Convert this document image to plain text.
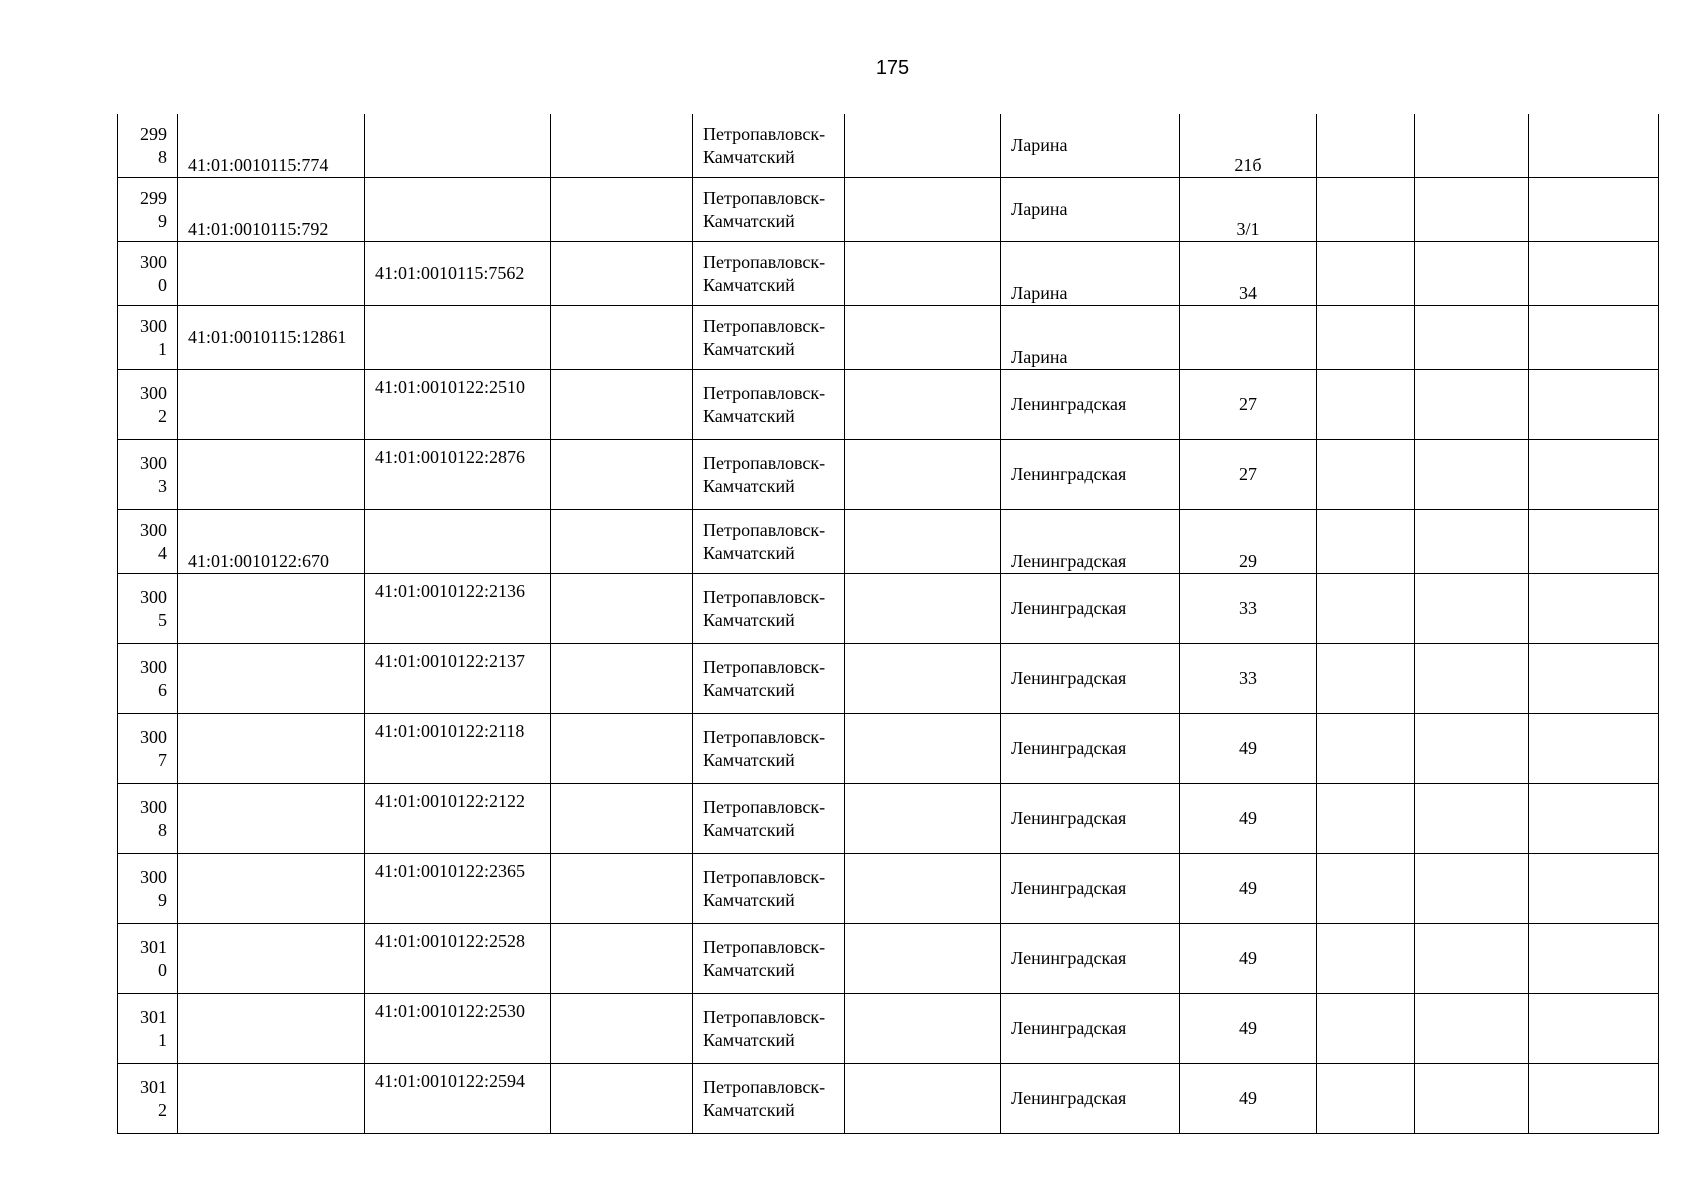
175
299
8	41:01:0010115:774			Петропавловск-Камчатский		Ларина	21б			

299
9	41:01:0010115:792			Петропавловск-Камчатский		Ларина	3/1			

300
0		41:01:0010115:7562		Петропавловск-Камчатский		Ларина	34			

300
1	41:01:0010115:12861			Петропавловск-Камчатский		Ларина				

300
2		41:01:0010122:2510		Петропавловск-Камчатский		Ленинградская	27			

300
3		41:01:0010122:2876		Петропавловск-Камчатский		Ленинградская	27			

300
4	41:01:0010122:670			Петропавловск-Камчатский		Ленинградская	29			

300
5		41:01:0010122:2136		Петропавловск-Камчатский		Ленинградская	33			

300
6		41:01:0010122:2137		Петропавловск-Камчатский		Ленинградская	33			

300
7		41:01:0010122:2118		Петропавловск-Камчатский		Ленинградская	49			

300
8		41:01:0010122:2122		Петропавловск-Камчатский		Ленинградская	49			

300
9		41:01:0010122:2365		Петропавловск-Камчатский		Ленинградская	49			

301
0		41:01:0010122:2528		Петропавловск-Камчатский		Ленинградская	49			

301
1		41:01:0010122:2530		Петропавловск-Камчатский		Ленинградская	49			

301
2		41:01:0010122:2594		Петропавловск-Камчатский		Ленинградская	49			
